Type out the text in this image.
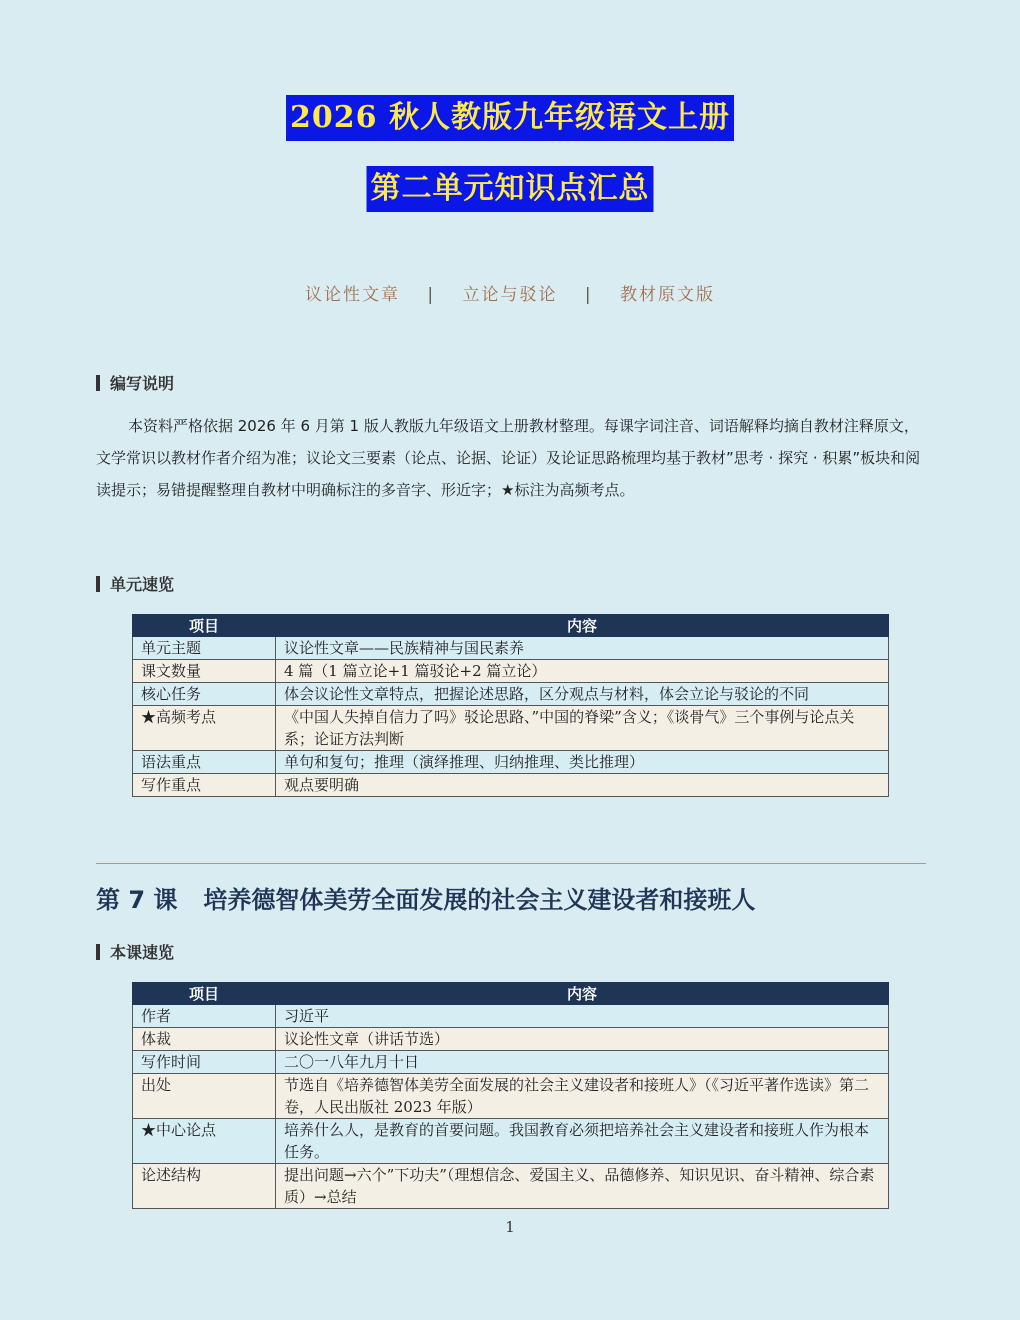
2026 秋人教版九年级语文上册
第二单元知识点汇总
议论性文章 | 立论与驳论 | 教材原文版
编写说明
本资料严格依据 2026 年 6 月第 1 版人教版九年级语文上册教材整理。每课字词注音、词语解释均摘自教材注释原文，文学常识以教材作者介绍为准；议论文三要素（论点、论据、论证）及论证思路梳理均基于教材”思考 · 探究 · 积累”板块和阅读提示；易错提醒整理自教材中明确标注的多音字、形近字；★标注为高频考点。
单元速览
项目	内容
单元主题	议论性文章——民族精神与国民素养
课文数量	4 篇（1 篇立论+1 篇驳论+2 篇立论）
核心任务	体会议论性文章特点，把握论述思路，区分观点与材料，体会立论与驳论的不同
★高频考点	《中国人失掉自信力了吗》驳论思路、”中国的脊梁”含义；《谈骨气》三个事例与论点关系；论证方法判断
语法重点	单句和复句；推理（演绎推理、归纳推理、类比推理）
写作重点	观点要明确
第 7 课 培养德智体美劳全面发展的社会主义建设者和接班人
本课速览
项目	内容
作者	习近平
体裁	议论性文章（讲话节选）
写作时间	二〇一八年九月十日
出处	节选自《培养德智体美劳全面发展的社会主义建设者和接班人》（《习近平著作选读》第二卷，人民出版社 2023 年版）
★中心论点	培养什么人，是教育的首要问题。我国教育必须把培养社会主义建设者和接班人作为根本任务。
论述结构	提出问题→六个”下功夫”（理想信念、爱国主义、品德修养、知识见识、奋斗精神、综合素质）→总结
1
